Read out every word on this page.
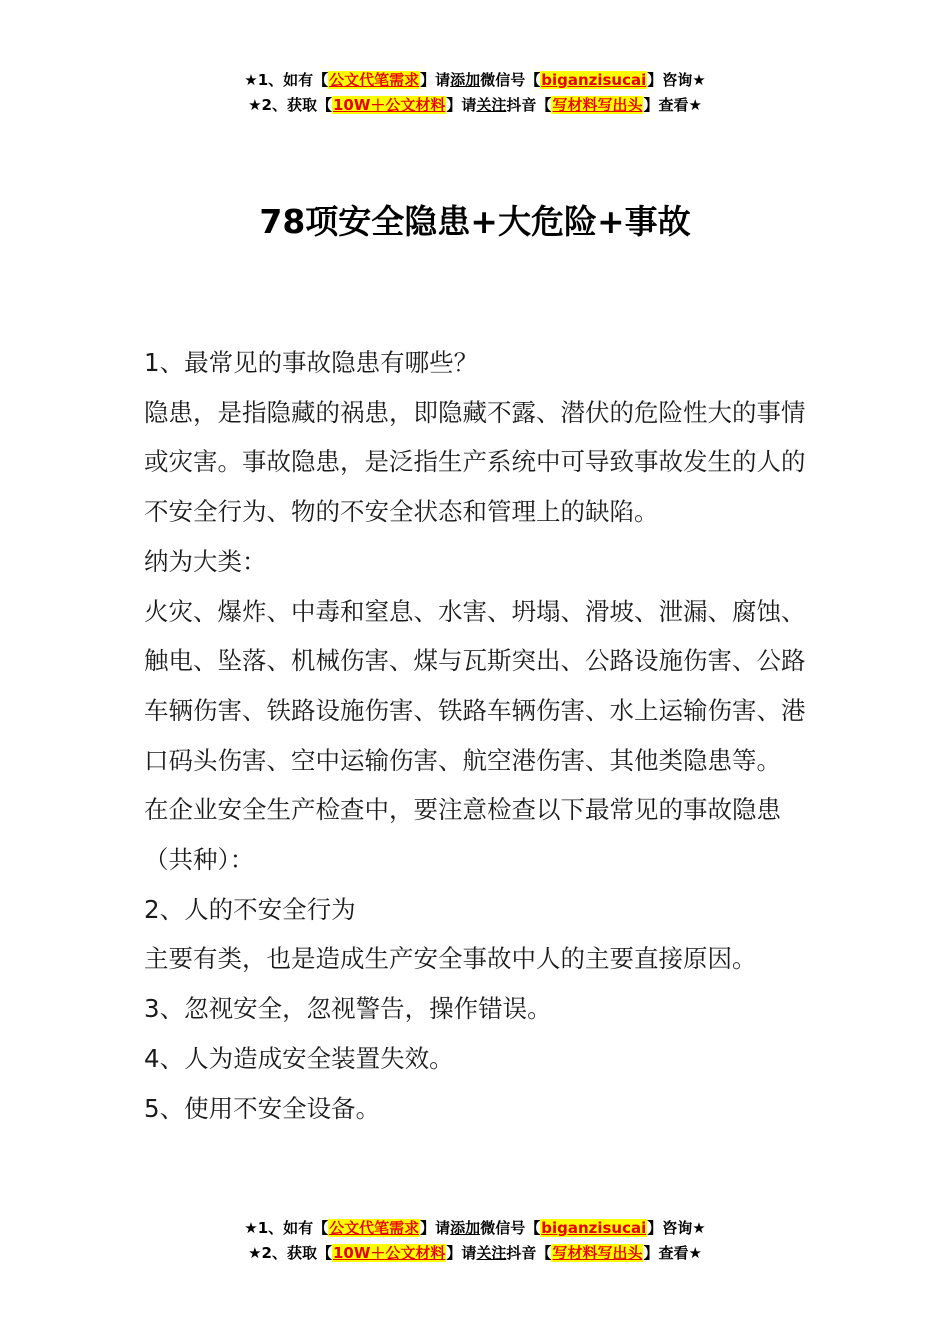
★1、如有【公文代笔需求】请添加微信号【biganzisucai】咨询★
★2、获取【10W＋公文材料】请关注抖音【写材料写出头】查看★
78项安全隐患+大危险+事故

1、最常见的事故隐患有哪些？

隐患，是指隐藏的祸患，即隐藏不露、潜伏的危险性大的事情或灾害。事故隐患，是泛指生产系统中可导致事故发生的人的不安全行为、物的不安全状态和管理上的缺陷。

纳为大类：

火灾、爆炸、中毒和窒息、水害、坍塌、滑坡、泄漏、腐蚀、触电、坠落、机械伤害、煤与瓦斯突出、公路设施伤害、公路车辆伤害、铁路设施伤害、铁路车辆伤害、水上运输伤害、港口码头伤害、空中运输伤害、航空港伤害、其他类隐患等。

在企业安全生产检查中，要注意检查以下最常见的事故隐患（共种）：

2、人的不安全行为

主要有类，也是造成生产安全事故中人的主要直接原因。

3、忽视安全，忽视警告，操作错误。

4、人为造成安全装置失效。

5、使用不安全设备。

★1、如有【公文代笔需求】请添加微信号【biganzisucai】咨询★
★2、获取【10W＋公文材料】请关注抖音【写材料写出头】查看★
